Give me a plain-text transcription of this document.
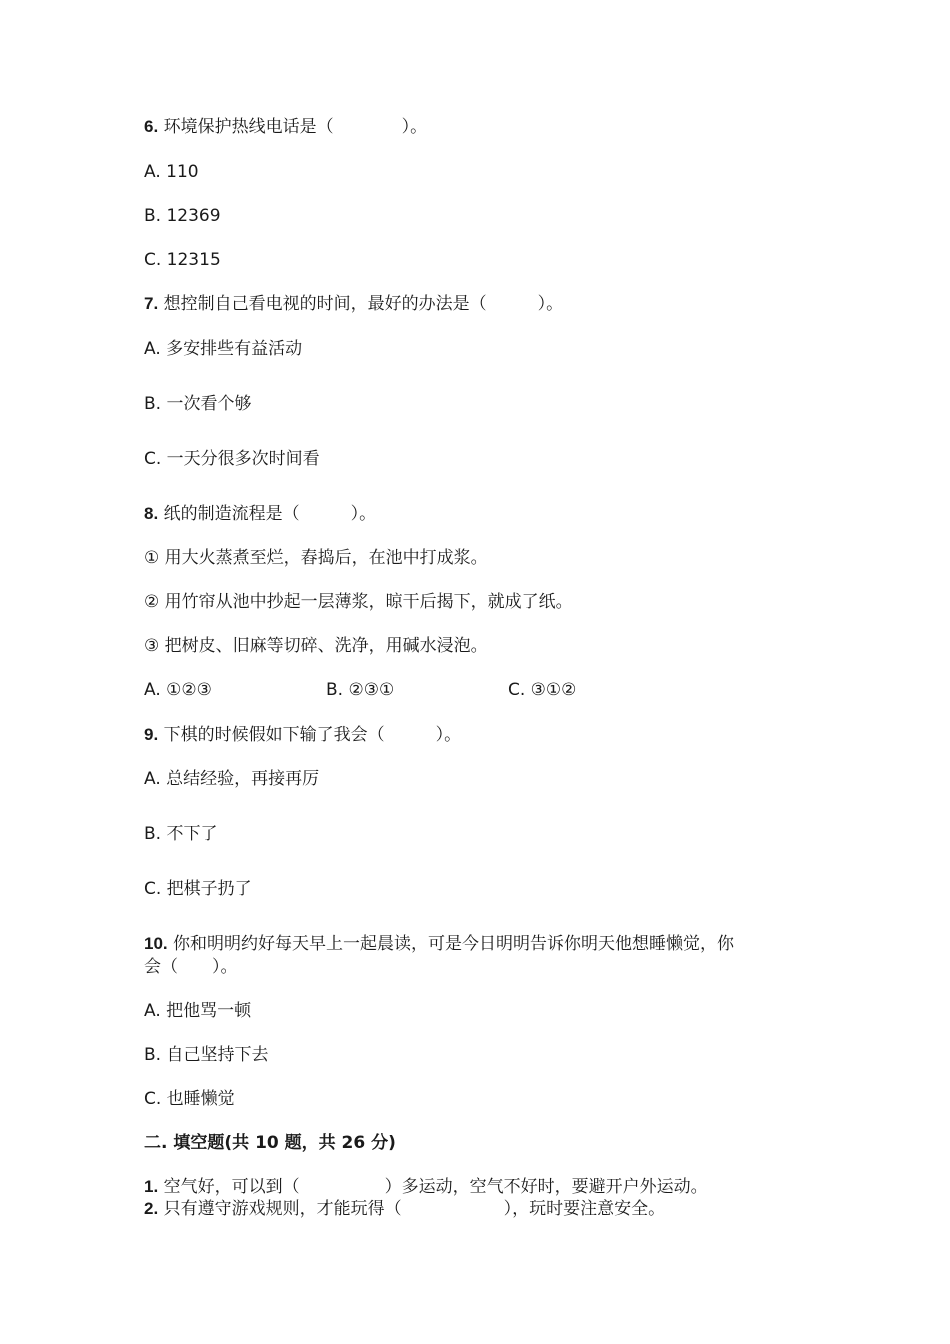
6. 环境保护热线电话是（　　　　）。
A. 110
B. 12369
C. 12315
7. 想控制自己看电视的时间，最好的办法是（　　　）。
A. 多安排些有益活动
B. 一次看个够
C. 一天分很多次时间看
8. 纸的制造流程是（　　　）。
① 用大火蒸煮至烂，舂捣后，在池中打成浆。
② 用竹帘从池中抄起一层薄浆，晾干后揭下，就成了纸。
③ 把树皮、旧麻等切碎、洗净，用碱水浸泡。
A. ①②③	B. ②③①	C. ③①②
9. 下棋的时候假如下输了我会（　　　）。
A. 总结经验，再接再厉
B. 不下了
C. 把棋子扔了
10. 你和明明约好每天早上一起晨读，可是今日明明告诉你明天他想睡懒觉，你
会（　　）。
A. 把他骂一顿
B. 自己坚持下去
C. 也睡懒觉
二. 填空题(共 10 题，共 26 分)
1. 空气好，可以到（　　　　　）多运动，空气不好时，要避开户外运动。
2. 只有遵守游戏规则，才能玩得（　　　　　　），玩时要注意安全。
